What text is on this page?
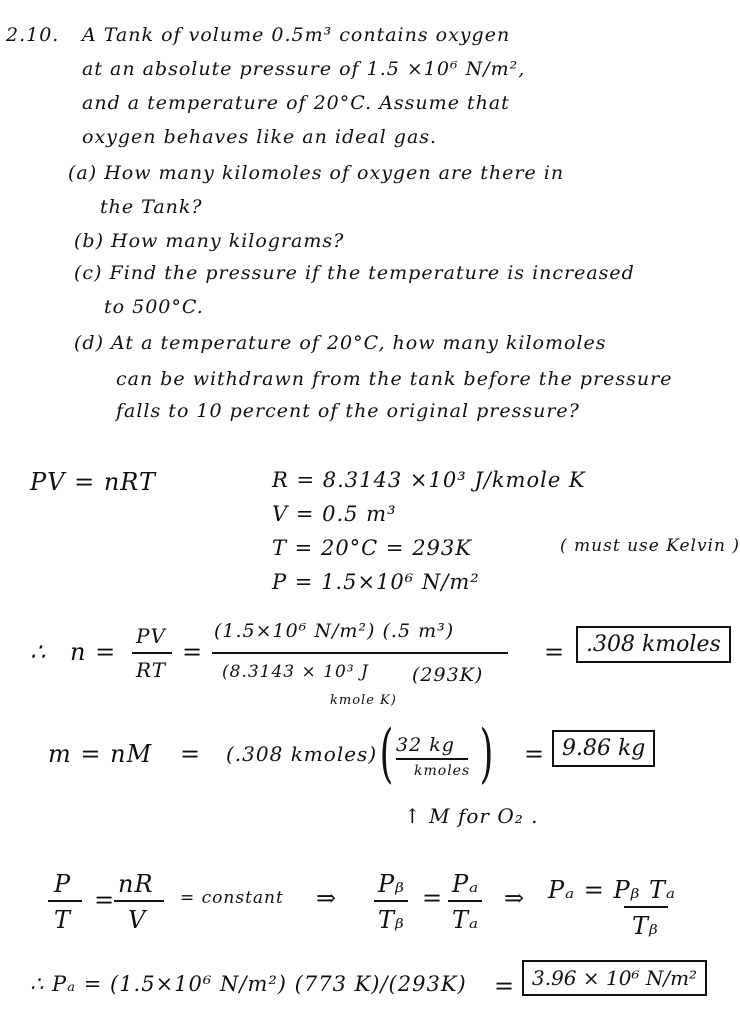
2.10. A Tank of volume 0.5m³ contains oxygen
at an absolute pressure of 1.5 ×10⁶ N/m²,
and a temperature of 20°C. Assume that
oxygen behaves like an ideal gas.
(a) How many kilomoles of oxygen are there in
the Tank?
(b) How many kilograms?
(c) Find the pressure if the temperature is increased
to 500°C.
(d) At a temperature of 20°C, how many kilomoles
can be withdrawn from the tank before the pressure
falls to 10 percent of the original pressure?
PV = nRT	R = 8.3143 ×10³ J/kmole K
V = 0.5 m³
T = 20°C = 293K	( must use Kelvin )
P = 1.5×10⁶ N/m²
∴ n =
PV
RT
=
(1.5×10⁶ N/m²) (.5 m³)
(8.3143 × 10³ J
kmole K)
(293K)
= .308 kmoles
m = nM = (.308 kmoles) ( 32 kg
kmoles ) = 9.86 kg
↑ M for O₂ .
P
T
=
nR
V
= constant ⇒ Pᵦ
Tᵦ
= Pₐ
Tₐ
⇒ Pₐ = Pᵦ Tₐ
Tᵦ
∴ Pₐ = (1.5×10⁶ N/m²) (773 K)/(293K) = 3.96 × 10⁶ N/m²
